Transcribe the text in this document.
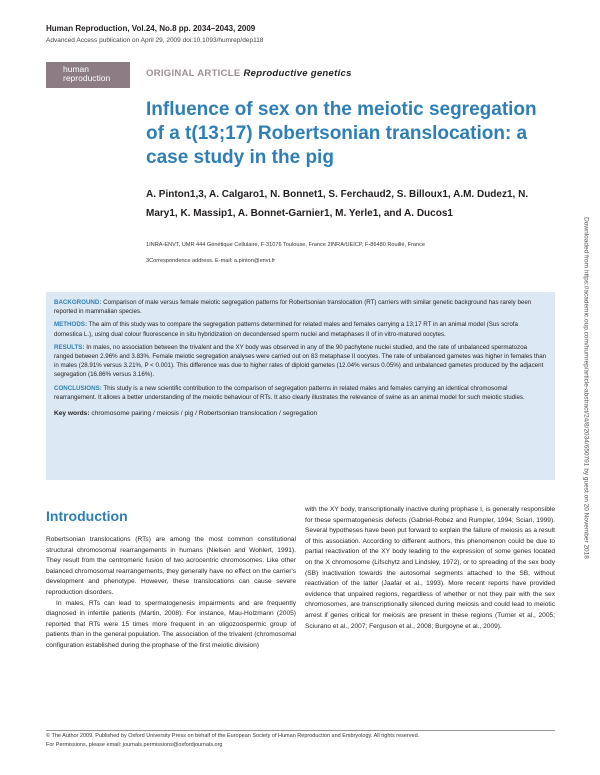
Human Reproduction, Vol.24, No.8 pp. 2034–2043, 2009
Advanced Access publication on April 29, 2009 doi:10.1093/humrep/dep118
human
reproduction	ORIGINAL ARTICLE Reproductive genetics
Influence of sex on the meiotic segregation of a t(13;17) Robertsonian translocation: a case study in the pig

A. Pinton1,3, A. Calgaro1, N. Bonnet1, S. Ferchaud2, S. Billoux1, A.M. Dudez1, N. Mary1, K. Massip1, A. Bonnet-Garnier1, M. Yerle1, and A. Ducos1

1INRA-ENVT, UMR 444 Génétique Cellulaire, F-31076 Toulouse, France 2INRA/UEICP, F-86480 Rouillé, France

3Correspondence address. E-mail: a.pinton@envt.fr	Downloaded from https://academic.oup.com/humrep/article-abstract/24/8/2034/650791 by guest on 20 November 2018

BACKGROUND: Comparison of male versus female meiotic segregation patterns for Robertsonian translocation (RT) carriers with similar genetic background has rarely been reported in mammalian species.

METHODS: The aim of this study was to compare the segregation patterns determined for related males and females carrying a 13;17 RT in an animal model (Sus scrofa domestica L.), using dual colour fluorescence in situ hybridization on decondensed sperm nuclei and metaphases II of in vitro-matured oocytes.

RESULTS: In males, no association between the trivalent and the XY body was observed in any of the 90 pachytene nuclei studied, and the rate of unbalanced spermatozoa ranged between 2.96% and 3.83%. Female meiotic segregation analyses were carried out on 83 metaphase II oocytes. The rate of unbalanced gametes was higher in females than in males (28.91% versus 3.21%, P < 0.001). This difference was due to higher rates of diploid gametes (12.04% versus 0.05%) and unbalanced gametes produced by the adjacent segregation (16.86% versus 3.16%).

CONCLUSIONS: This study is a new scientific contribution to the comparison of segregation patterns in related males and females carrying an identical chromosomal rearrangement. It allows a better understanding of the meiotic behaviour of RTs. It also clearly illustrates the relevance of swine as an animal model for such meiotic studies.

Key words: chromosome pairing / meiosis / pig / Robertsonian translocation / segregation

Introduction

Robertsonian translocations (RTs) are among the most common constitutional structural chromosomal rearrangements in humans (Nielsen and Wohlert, 1991). They result from the centromeric fusion of two acrocentric chromosomes. Like other balanced chromosomal rearrangements, they generally have no effect on the carrier's development and phenotype. However, these translocations can cause severe reproduction disorders.

In males, RTs can lead to spermatogenesis impairments and are frequently diagnosed in infertile patients (Martin, 2008). For instance, Mau-Holzmann (2005) reported that RTs were 15 times more frequent in an oligozoospermic group of patients than in the general population. The association of the trivalent (chromosomal configuration established during the prophase of the first meiotic division)

with the XY body, transcriptionally inactive during prophase I, is generally responsible for these spermatogenesis defects (Gabriel-Robez and Rumpler, 1994; Sciari, 1999). Several hypotheses have been put forward to explain the failure of meiosis as a result of this association. According to different authors, this phenomenon could be due to partial reactivation of the XY body leading to the expression of some genes located on the X chromosome (Lifschytz and Lindsley, 1972), or to spreading of the sex body (SB) inactivation towards the autosomal segments attached to the SB, without reactivation of the latter (Jaafar et al., 1993). More recent reports have provided evidence that unpaired regions, regardless of whether or not they pair with the sex chromosomes, are transcriptionally silenced during meiosis and could lead to meiotic arrest if genes critical for meiosis are present in these regions (Turner et al., 2005; Sciurano et al., 2007; Ferguson et al., 2008; Burgoyne et al., 2009).

© The Author 2009. Published by Oxford University Press on behalf of the European Society of Human Reproduction and Embryology. All rights reserved.
For Permissions, please email: journals.permissions@oxfordjournals.org
